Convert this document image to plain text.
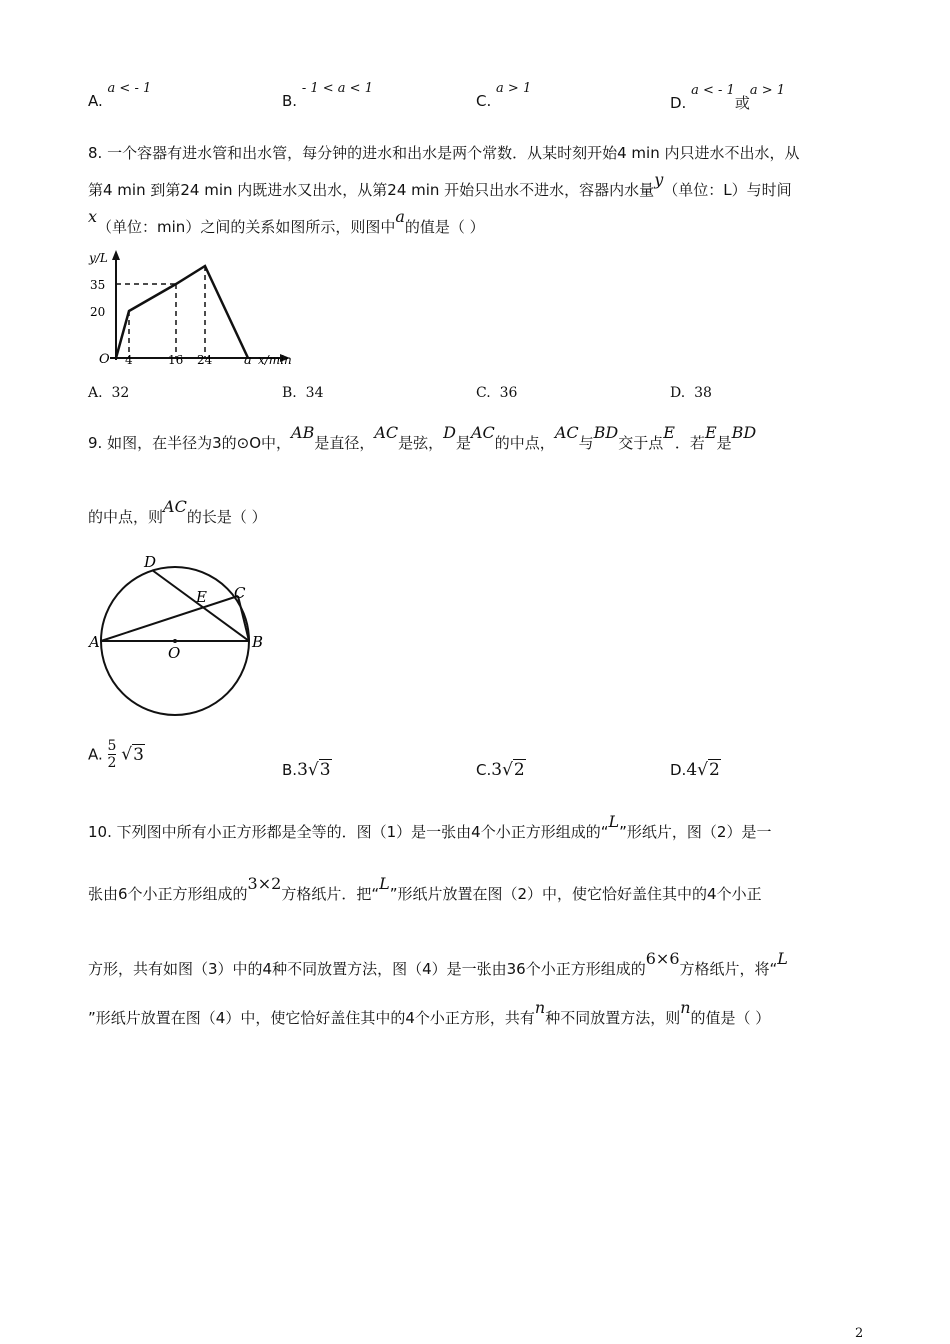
A. a < - 1
B. - 1 < a < 1
C. a > 1
D. a < - 1或a > 1
8. 一个容器有进水管和出水管，每分钟的进水和出水是两个常数．从某时刻开始4 min 内只进水不出水，从
第4 min 到第24 min 内既进水又出水，从第24 min 开始只出水不进水，容器内水量y（单位：L）与时间
x（单位：min）之间的关系如图所示，则图中a的值是（ ）
y/L
35
20
O 4	16 24 a x/min
A. 32	B. 34	C. 36	D. 38
9. 如图，在半径为3的⊙O中，AB是直径，AC是弦，D是AC的中点，AC与BD交于点E．若E是BD
的中点，则AC的长是（ ）
A	B
C
D
E
O
A. $\frac{5}{2} √3$
B.3√3	C.3√2	D.4√2
10. 下列图中所有小正方形都是全等的．图（1）是一张由4个小正方形组成的“L”形纸片，图（2）是一
张由6个小正方形组成的3×2方格纸片．把“L”形纸片放置在图（2）中，使它恰好盖住其中的4个小正
方形，共有如图（3）中的4种不同放置方法，图（4）是一张由36个小正方形组成的6×6方格纸片，将“L
”形纸片放置在图（4）中，使它恰好盖住其中的4个小正方形，共有n种不同放置方法，则n的值是（ ）
2
